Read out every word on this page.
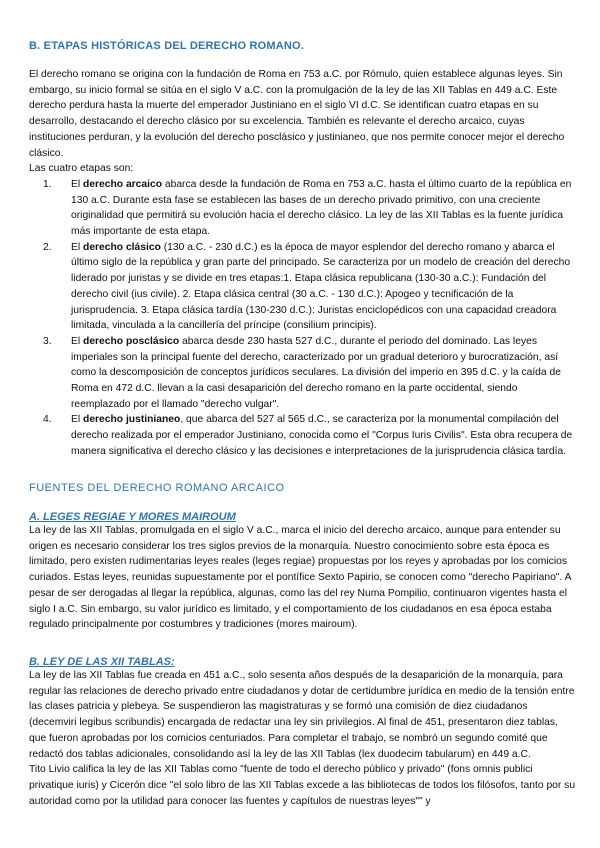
B. ETAPAS HISTÓRICAS DEL DERECHO ROMANO.

El derecho romano se origina con la fundación de Roma en 753 a.C. por Rómulo, quien establece algunas leyes. Sin embargo, su inicio formal se sitúa en el siglo V a.C. con la promulgación de la ley de las XII Tablas en 449 a.C. Este derecho perdura hasta la muerte del emperador Justiniano en el siglo VI d.C. Se identifican cuatro etapas en su desarrollo, destacando el derecho clásico por su excelencia. También es relevante el derecho arcaico, cuyas instituciones perduran, y la evolución del derecho posclásico y justinianeo, que nos permite conocer mejor el derecho clásico.

Las cuatro etapas son:

1. El derecho arcaico abarca desde la fundación de Roma en 753 a.C. hasta el último cuarto de la república en 130 a.C. Durante esta fase se establecen las bases de un derecho privado primitivo, con una creciente originalidad que permitirá su evolución hacia el derecho clásico. La ley de las XII Tablas es la fuente jurídica más importante de esta etapa.
2. El derecho clásico (130 a.C. - 230 d.C.) es la época de mayor esplendor del derecho romano y abarca el último siglo de la república y gran parte del principado. Se caracteriza por un modelo de creación del derecho liderado por juristas y se divide en tres etapas:1. Etapa clásica republicana (130-30 a.C.): Fundación del derecho civil (ius civile). 2. Etapa clásica central (30 a.C. - 130 d.C.): Apogeo y tecnificación de la jurisprudencia. 3. Etapa clásica tardía (130-230 d.C.): Juristas enciclopédicos con una capacidad creadora limitada, vinculada a la cancillería del príncipe (consilium principis).
3. El derecho posclásico abarca desde 230 hasta 527 d.C., durante el periodo del dominado. Las leyes imperiales son la principal fuente del derecho, caracterizado por un gradual deterioro y burocratización, así como la descomposición de conceptos jurídicos seculares. La división del imperio en 395 d.C. y la caída de Roma en 472 d.C. llevan a la casi desaparición del derecho romano en la parte occidental, siendo reemplazado por el llamado "derecho vulgar".
4. El derecho justinianeo, que abarca del 527 al 565 d.C., se caracteriza por la monumental compilación del derecho realizada por el emperador Justiniano, conocida como el "Corpus Iuris Civilis". Esta obra recupera de manera significativa el derecho clásico y las decisiones e interpretaciones de la jurisprudencia clásica tardía.
FUENTES DEL DERECHO ROMANO ARCAICO
A. LEGES REGIAE Y MORES MAIROUM

La ley de las XII Tablas, promulgada en el siglo V a.C., marca el inicio del derecho arcaico, aunque para entender su origen es necesario considerar los tres siglos previos de la monarquía. Nuestro conocimiento sobre esta época es limitado, pero existen rudimentarias leyes reales (leges regiae) propuestas por los reyes y aprobadas por los comicios curiados. Estas leyes, reunidas supuestamente por el pontífice Sexto Papirio, se conocen como "derecho Papiriano". A pesar de ser derogadas al llegar la república, algunas, como las del rey Numa Pompilio, continuaron vigentes hasta el siglo I a.C. Sin embargo, su valor jurídico es limitado, y el comportamiento de los ciudadanos en esa época estaba regulado principalmente por costumbres y tradiciones (mores mairoum).

B. LEY DE LAS XII TABLAS:

La ley de las XII Tablas fue creada en 451 a.C., solo sesenta años después de la desaparición de la monarquía, para regular las relaciones de derecho privado entre ciudadanos y dotar de certidumbre jurídica en medio de la tensión entre las clases patricia y plebeya. Se suspendieron las magistraturas y se formó una comisión de diez ciudadanos (decemviri legibus scribundis) encargada de redactar una ley sin privilegios. Al final de 451, presentaron diez tablas, que fueron aprobadas por los comicios centuriados. Para completar el trabajo, se nombró un segundo comité que redactó dos tablas adicionales, consolidando así la ley de las XII Tablas (lex duodecim tabularum) en 449 a.C.

Tito Livio califica la ley de las XII Tablas como "fuente de todo el derecho público y privado" (fons omnis publici privatique iuris) y Cicerón dice "el solo libro de las XII Tablas excede a las bibliotecas de todos los filósofos, tanto por su autoridad como por la utilidad para conocer las fuentes y capítulos de nuestras leyes"" y
